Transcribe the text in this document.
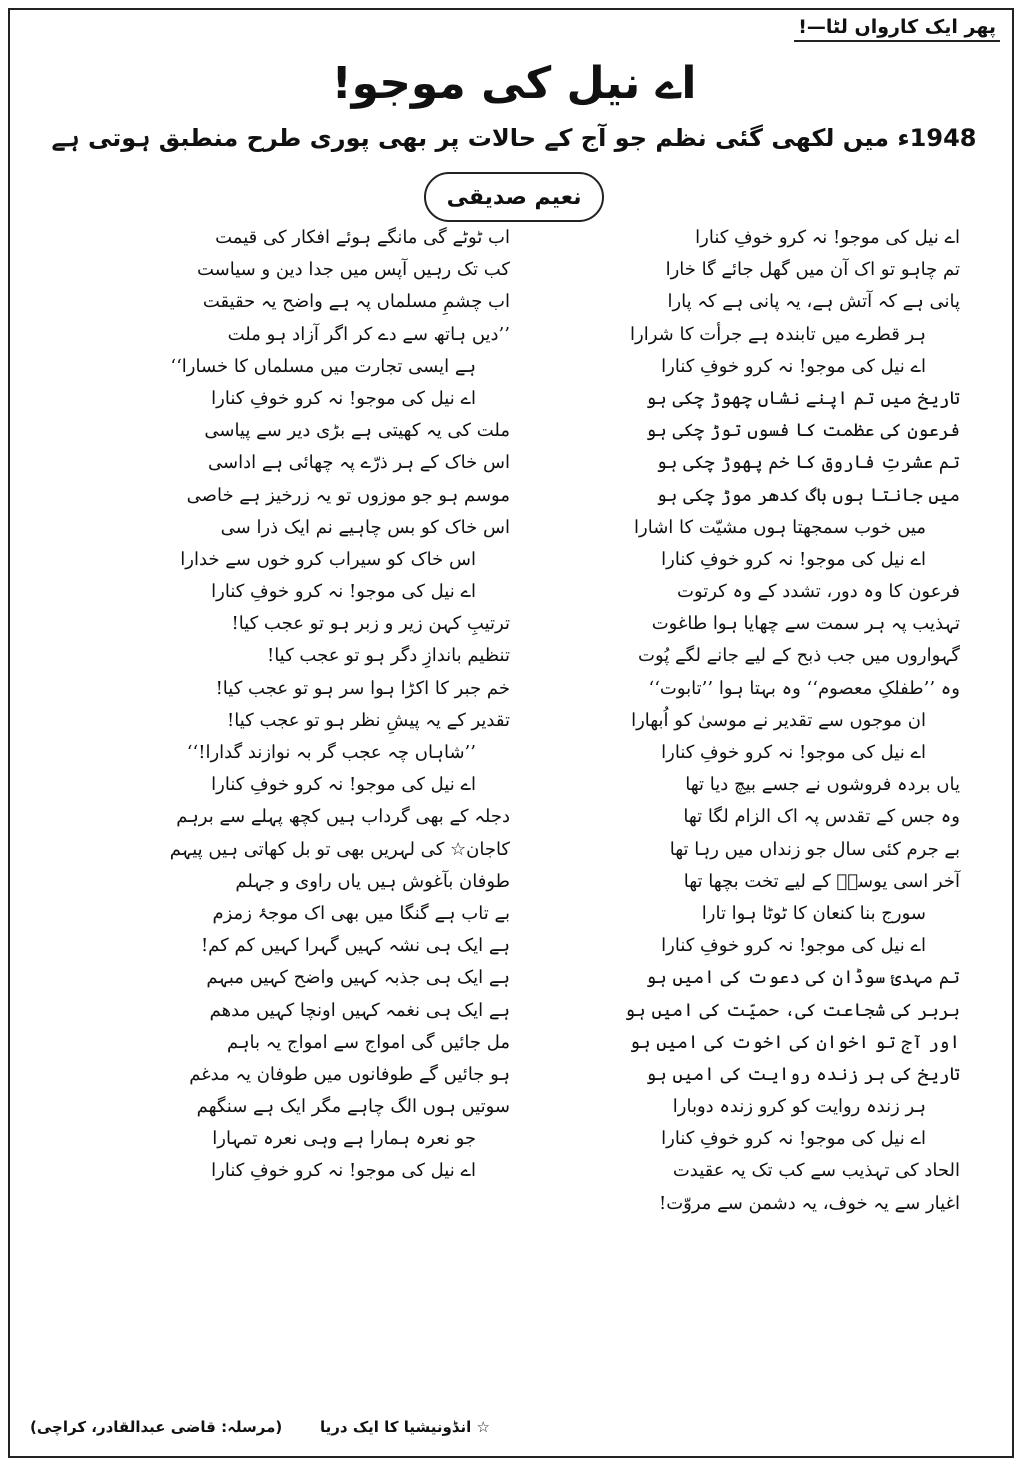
پھر ایک کارواں لٹا—!
اے نیل کی موجو!
1948ء میں لکھی گئی نظم جو آج کے حالات پر بھی پوری طرح منطبق ہوتی ہے
نعیم صدیقی
اے نیل کی موجو! نہ کرو خوفِ کنارا
تم چاہو تو اک آن میں گھل جائے گا خارا
پانی ہے کہ آتش ہے، یہ پانی ہے کہ پارا
ہر قطرے میں تابندہ ہے جرأت کا شرارا
اے نیل کی موجو! نہ کرو خوفِ کنارا
تاریخ میں تم اپنے نشاں چھوڑ چکی ہو
فرعون کی عظمت کا فسوں توڑ چکی ہو
تم عشرتِ فاروق کا خم پھوڑ چکی ہو
میں جانتا ہوں باگ کدھر موڑ چکی ہو
میں خوب سمجھتا ہوں مشیّت کا اشارا
اے نیل کی موجو! نہ کرو خوفِ کنارا
فرعون کا وہ دور، تشدد کے وہ کرتوت
تہذیب پہ ہر سمت سے چھایا ہوا طاغوت
گہواروں میں جب ذبح کے لیے جانے لگے پُوت
وہ ’’طفلکِ معصوم‘‘ وہ بہتا ہوا ’’تابوت‘‘
ان موجوں سے تقدیر نے موسیٰ کو اُبھارا
اے نیل کی موجو! نہ کرو خوفِ کنارا
یاں بردہ فروشوں نے جسے بیچ دیا تھا
وہ جس کے تقدس پہ اک الزام لگا تھا
بے جرم کئی سال جو زنداں میں رہا تھا
آخر اسی یوسفؑ کے لیے تخت بچھا تھا
سورج بنا کنعان کا ٹوٹا ہوا تارا
اے نیل کی موجو! نہ کرو خوفِ کنارا
تم مہدیٔ سوڈان کی دعوت کی امیں ہو
بربر کی شجاعت کی، حمیّت کی امیں ہو
اور آج تو اخوان کی اخوت کی امیں ہو
تاریخ کی ہر زندہ روایت کی امیں ہو
ہر زندہ روایت کو کرو زندہ دوبارا
اے نیل کی موجو! نہ کرو خوفِ کنارا
الحاد کی تہذیب سے کب تک یہ عقیدت
اغیار سے یہ خوف، یہ دشمن سے مروّت!
اب ٹوٹے گی مانگے ہوئے افکار کی قیمت
کب تک رہیں آپس میں جدا دین و سیاست
اب چشمِ مسلماں پہ ہے واضح یہ حقیقت
’’دیں ہاتھ سے دے کر اگر آزاد ہو ملت
ہے ایسی تجارت میں مسلماں کا خسارا‘‘
اے نیل کی موجو! نہ کرو خوفِ کنارا
ملت کی یہ کھیتی ہے بڑی دیر سے پیاسی
اس خاک کے ہر ذرّے پہ چھائی ہے اداسی
موسم ہو جو موزوں تو یہ زرخیز ہے خاصی
اس خاک کو بس چاہیے نم ایک ذرا سی
اس خاک کو سیراب کرو خوں سے خدارا
اے نیل کی موجو! نہ کرو خوفِ کنارا
ترتیبِ کہن زیر و زبر ہو تو عجب کیا!
تنظیم باندازِ دگر ہو تو عجب کیا!
خم جبر کا اکڑا ہوا سر ہو تو عجب کیا!
تقدیر کے یہ پیشِ نظر ہو تو عجب کیا!
’’شاہاں چہ عجب گر بہ نوازند گدارا!‘‘
اے نیل کی موجو! نہ کرو خوفِ کنارا
دجلہ کے بھی گرداب ہیں کچھ پہلے سے برہم
کاجان☆ کی لہریں بھی تو بل کھاتی ہیں پیہم
طوفان بآغوش ہیں یاں راوی و جہلم
بے تاب ہے گنگا میں بھی اک موجۂ زمزم
ہے ایک ہی نشہ کہیں گہرا کہیں کم کم!
ہے ایک ہی جذبہ کہیں واضح کہیں مبہم
ہے ایک ہی نغمہ کہیں اونچا کہیں مدھم
مل جائیں گی امواج سے امواج یہ باہم
ہو جائیں گے طوفانوں میں طوفان یہ مدغم
سوتیں ہوں الگ چاہے مگر ایک ہے سنگھم
جو نعرہ ہمارا ہے وہی نعرہ تمہارا
اے نیل کی موجو! نہ کرو خوفِ کنارا
☆ انڈونیشیا کا ایک دریا
(مرسلہ: قاضی عبدالقادر، کراچی)
